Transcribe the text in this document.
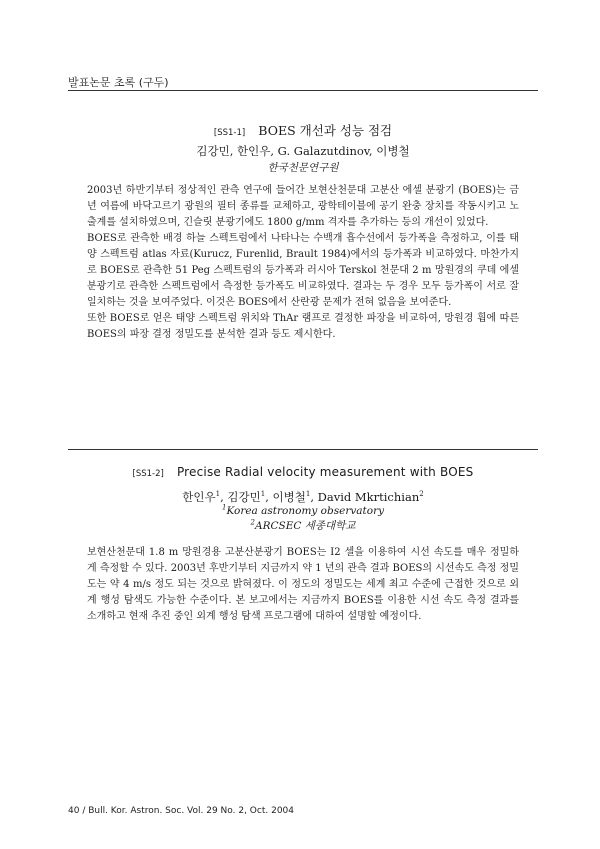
발표논문 초록 (구두)
[SS1-1] BOES 개선과 성능 점검
김강민, 한인우, G. Galazutdinov, 이병철
한국천문연구원

2003년 하반기부터 정상적인 관측 연구에 들어간 보현산천문대 고분산 에셀 분광기 (BOES)는 금년 여름에 바닥고르기 광원의 필터 종류를 교체하고, 광학테이블에 공기 완충 장치를 작동시키고 노출계를 설치하였으며, 긴슬릿 분광기에도 1800 g/mm 격자를 추가하는 등의 개선이 있었다.

BOES로 관측한 배경 하늘 스펙트럼에서 나타나는 수백개 흡수선에서 등가폭을 측정하고, 이를 태양 스펙트럼 atlas 자료(Kurucz, Furenlid, Brault 1984)에서의 등가폭과 비교하였다. 마찬가지로 BOES로 관측한 51 Peg 스펙트럼의 등가폭과 러시아 Terskol 천문대 2 m 망원경의 쿠데 에셀 분광기로 관측한 스펙트럼에서 측정한 등가폭도 비교하였다. 결과는 두 경우 모두 등가폭이 서로 잘 일치하는 것을 보여주었다. 이것은 BOES에서 산란광 문제가 전혀 없음을 보여준다.

또한 BOES로 얻은 태양 스펙트럼 위치와 ThAr 램프로 결정한 파장을 비교하여, 망원경 휨에 따른 BOES의 파장 결정 정밀도를 분석한 결과 등도 제시한다.

[SS1-2] Precise Radial velocity measurement with BOES
한인우$^1$, 김강민$^1$, 이병철$^1$, David Mkrtichian$^2$
$^1$Korea astronomy observatory
$^2$ARCSEC 세종대학교

보현산천문대 1.8 m 망원경용 고분산분광기 BOES는 I2 셀을 이용하여 시선 속도를 매우 정밀하게 측정할 수 있다. 2003년 후반기부터 지금까지 약 1 년의 관측 결과 BOES의 시선속도 측정 정밀도는 약 4 m/s 정도 되는 것으로 밝혀졌다. 이 정도의 정밀도는 세계 최고 수준에 근접한 것으로 외계 행성 탐색도 가능한 수준이다. 본 보고에서는 지금까지 BOES를 이용한 시선 속도 측정 결과를 소개하고 현재 추진 중인 외계 행성 탐색 프로그램에 대하여 설명할 예정이다.

40 / Bull. Kor. Astron. Soc. Vol. 29 No. 2, Oct. 2004
